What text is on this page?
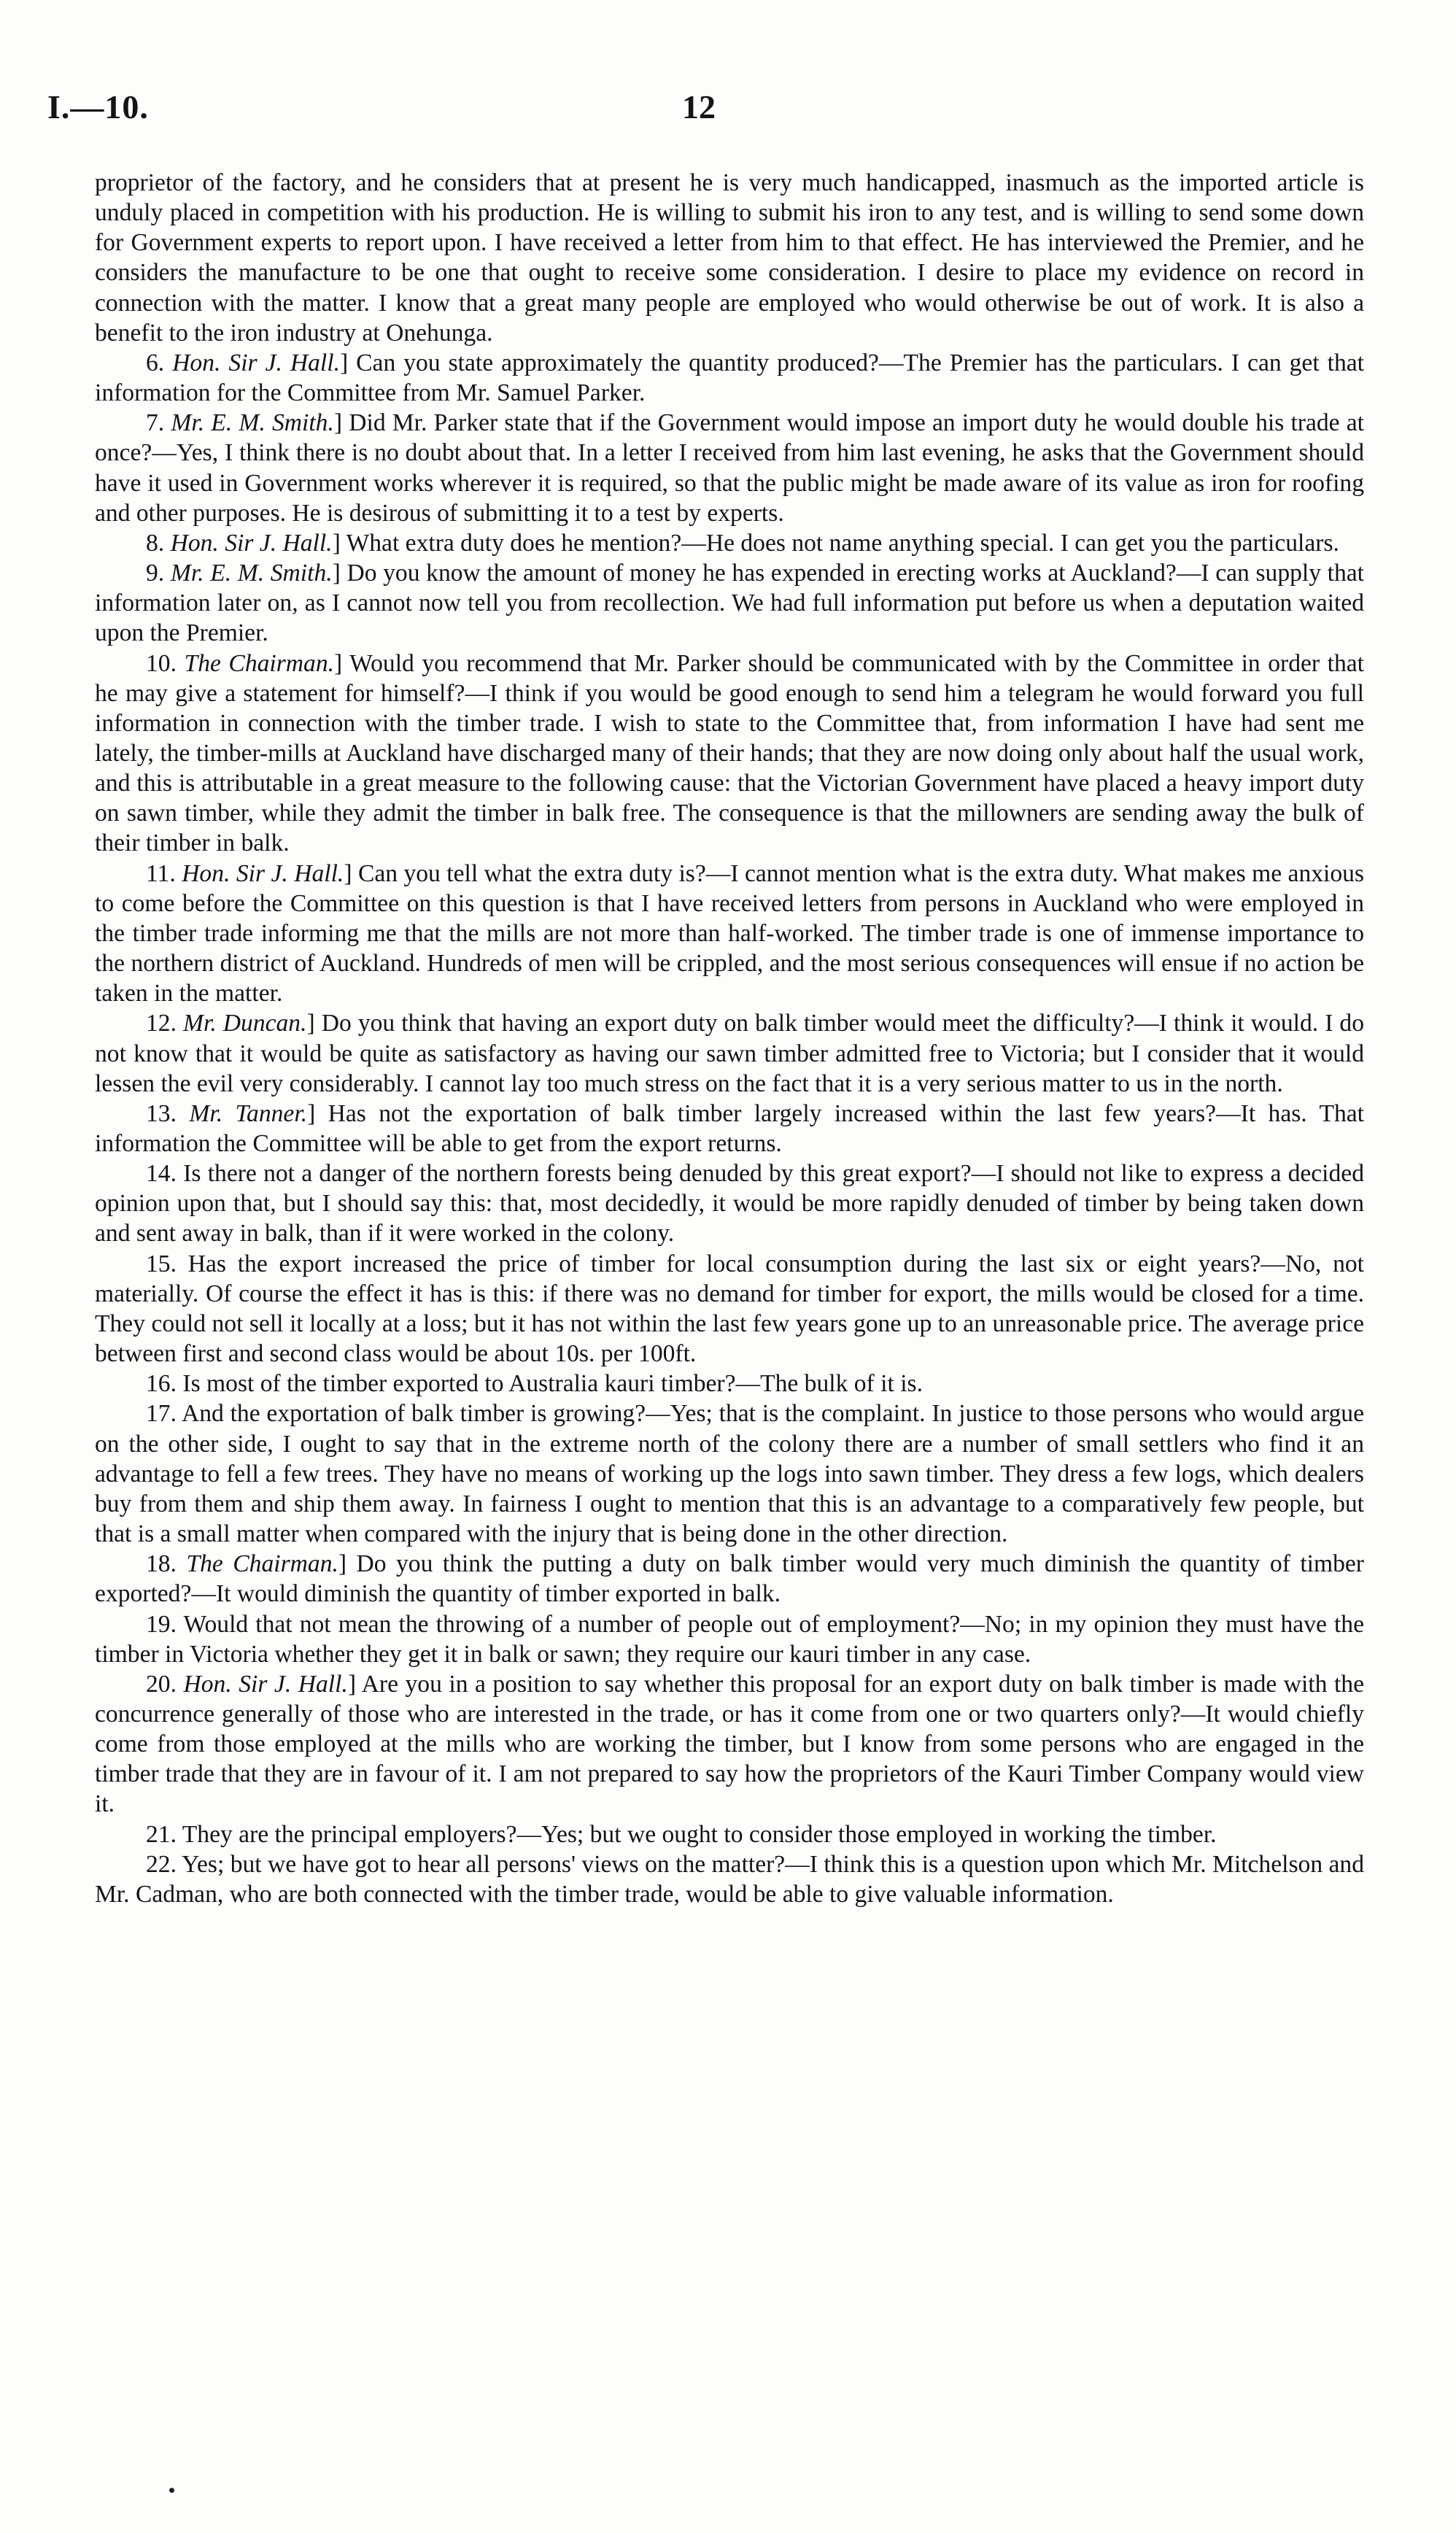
I.—10.	12

proprietor of the factory, and he considers that at present he is very much handicapped, inasmuch as the imported article is unduly placed in competition with his production. He is willing to submit his iron to any test, and is willing to send some down for Government experts to report upon. I have received a letter from him to that effect. He has interviewed the Premier, and he considers the manufacture to be one that ought to receive some consideration. I desire to place my evidence on record in connection with the matter. I know that a great many people are employed who would otherwise be out of work. It is also a benefit to the iron industry at Onehunga.

6. Hon. Sir J. Hall.] Can you state approximately the quantity produced?—The Premier has the particulars. I can get that information for the Committee from Mr. Samuel Parker.

7. Mr. E. M. Smith.] Did Mr. Parker state that if the Government would impose an import duty he would double his trade at once?—Yes, I think there is no doubt about that. In a letter I received from him last evening, he asks that the Government should have it used in Government works wherever it is required, so that the public might be made aware of its value as iron for roofing and other purposes. He is desirous of submitting it to a test by experts.

8. Hon. Sir J. Hall.] What extra duty does he mention?—He does not name anything special. I can get you the particulars.

9. Mr. E. M. Smith.] Do you know the amount of money he has expended in erecting works at Auckland?—I can supply that information later on, as I cannot now tell you from recollection. We had full information put before us when a deputation waited upon the Premier.

10. The Chairman.] Would you recommend that Mr. Parker should be communicated with by the Committee in order that he may give a statement for himself?—I think if you would be good enough to send him a telegram he would forward you full information in connection with the timber trade. I wish to state to the Committee that, from information I have had sent me lately, the timber-mills at Auckland have discharged many of their hands; that they are now doing only about half the usual work, and this is attributable in a great measure to the following cause: that the Victorian Government have placed a heavy import duty on sawn timber, while they admit the timber in balk free. The consequence is that the millowners are sending away the bulk of their timber in balk.

11. Hon. Sir J. Hall.] Can you tell what the extra duty is?—I cannot mention what is the extra duty. What makes me anxious to come before the Committee on this question is that I have received letters from persons in Auckland who were employed in the timber trade informing me that the mills are not more than half-worked. The timber trade is one of immense importance to the northern district of Auckland. Hundreds of men will be crippled, and the most serious consequences will ensue if no action be taken in the matter.

12. Mr. Duncan.] Do you think that having an export duty on balk timber would meet the difficulty?—I think it would. I do not know that it would be quite as satisfactory as having our sawn timber admitted free to Victoria; but I consider that it would lessen the evil very considerably. I cannot lay too much stress on the fact that it is a very serious matter to us in the north.

13. Mr. Tanner.] Has not the exportation of balk timber largely increased within the last few years?—It has. That information the Committee will be able to get from the export returns.

14. Is there not a danger of the northern forests being denuded by this great export?—I should not like to express a decided opinion upon that, but I should say this: that, most decidedly, it would be more rapidly denuded of timber by being taken down and sent away in balk, than if it were worked in the colony.

15. Has the export increased the price of timber for local consumption during the last six or eight years?—No, not materially. Of course the effect it has is this: if there was no demand for timber for export, the mills would be closed for a time. They could not sell it locally at a loss; but it has not within the last few years gone up to an unreasonable price. The average price between first and second class would be about 10s. per 100ft.

16. Is most of the timber exported to Australia kauri timber?—The bulk of it is.

17. And the exportation of balk timber is growing?—Yes; that is the complaint. In justice to those persons who would argue on the other side, I ought to say that in the extreme north of the colony there are a number of small settlers who find it an advantage to fell a few trees. They have no means of working up the logs into sawn timber. They dress a few logs, which dealers buy from them and ship them away. In fairness I ought to mention that this is an advantage to a comparatively few people, but that is a small matter when compared with the injury that is being done in the other direction.

18. The Chairman.] Do you think the putting a duty on balk timber would very much diminish the quantity of timber exported?—It would diminish the quantity of timber exported in balk.

19. Would that not mean the throwing of a number of people out of employment?—No; in my opinion they must have the timber in Victoria whether they get it in balk or sawn; they require our kauri timber in any case.

20. Hon. Sir J. Hall.] Are you in a position to say whether this proposal for an export duty on balk timber is made with the concurrence generally of those who are interested in the trade, or has it come from one or two quarters only?—It would chiefly come from those employed at the mills who are working the timber, but I know from some persons who are engaged in the timber trade that they are in favour of it. I am not prepared to say how the proprietors of the Kauri Timber Company would view it.

21. They are the principal employers?—Yes; but we ought to consider those employed in working the timber.

22. Yes; but we have got to hear all persons' views on the matter?—I think this is a question upon which Mr. Mitchelson and Mr. Cadman, who are both connected with the timber trade, would be able to give valuable information.
